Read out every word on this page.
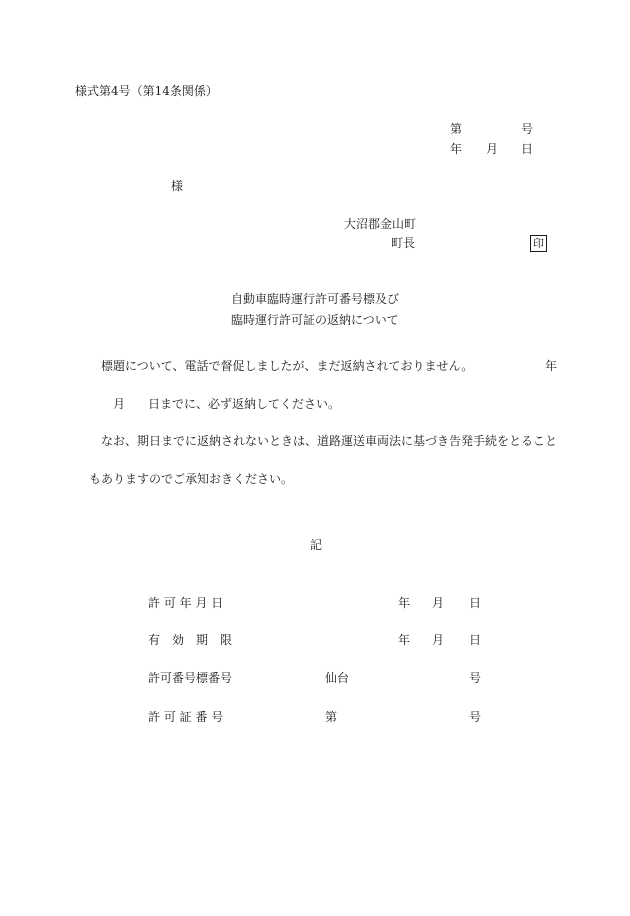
様式第4号（第14条関係）
第	号
年 月 日
様
大沼郡金山町
町長	印
自動車臨時運行許可番号標及び
臨時運行許可証の返納について
標題について、電話で督促しましたが、まだ返納されておりません。	年
月 日までに、必ず返納してください。
なお、期日までに返納されないときは、道路運送車両法に基づき告発手続をとること
もありますのでご承知おきください。
記
許 可 年 月 日	年 月 日
有　効　期　限	年 月 日
許可番号標番号	仙台	号
許 可 証 番 号	第	号
